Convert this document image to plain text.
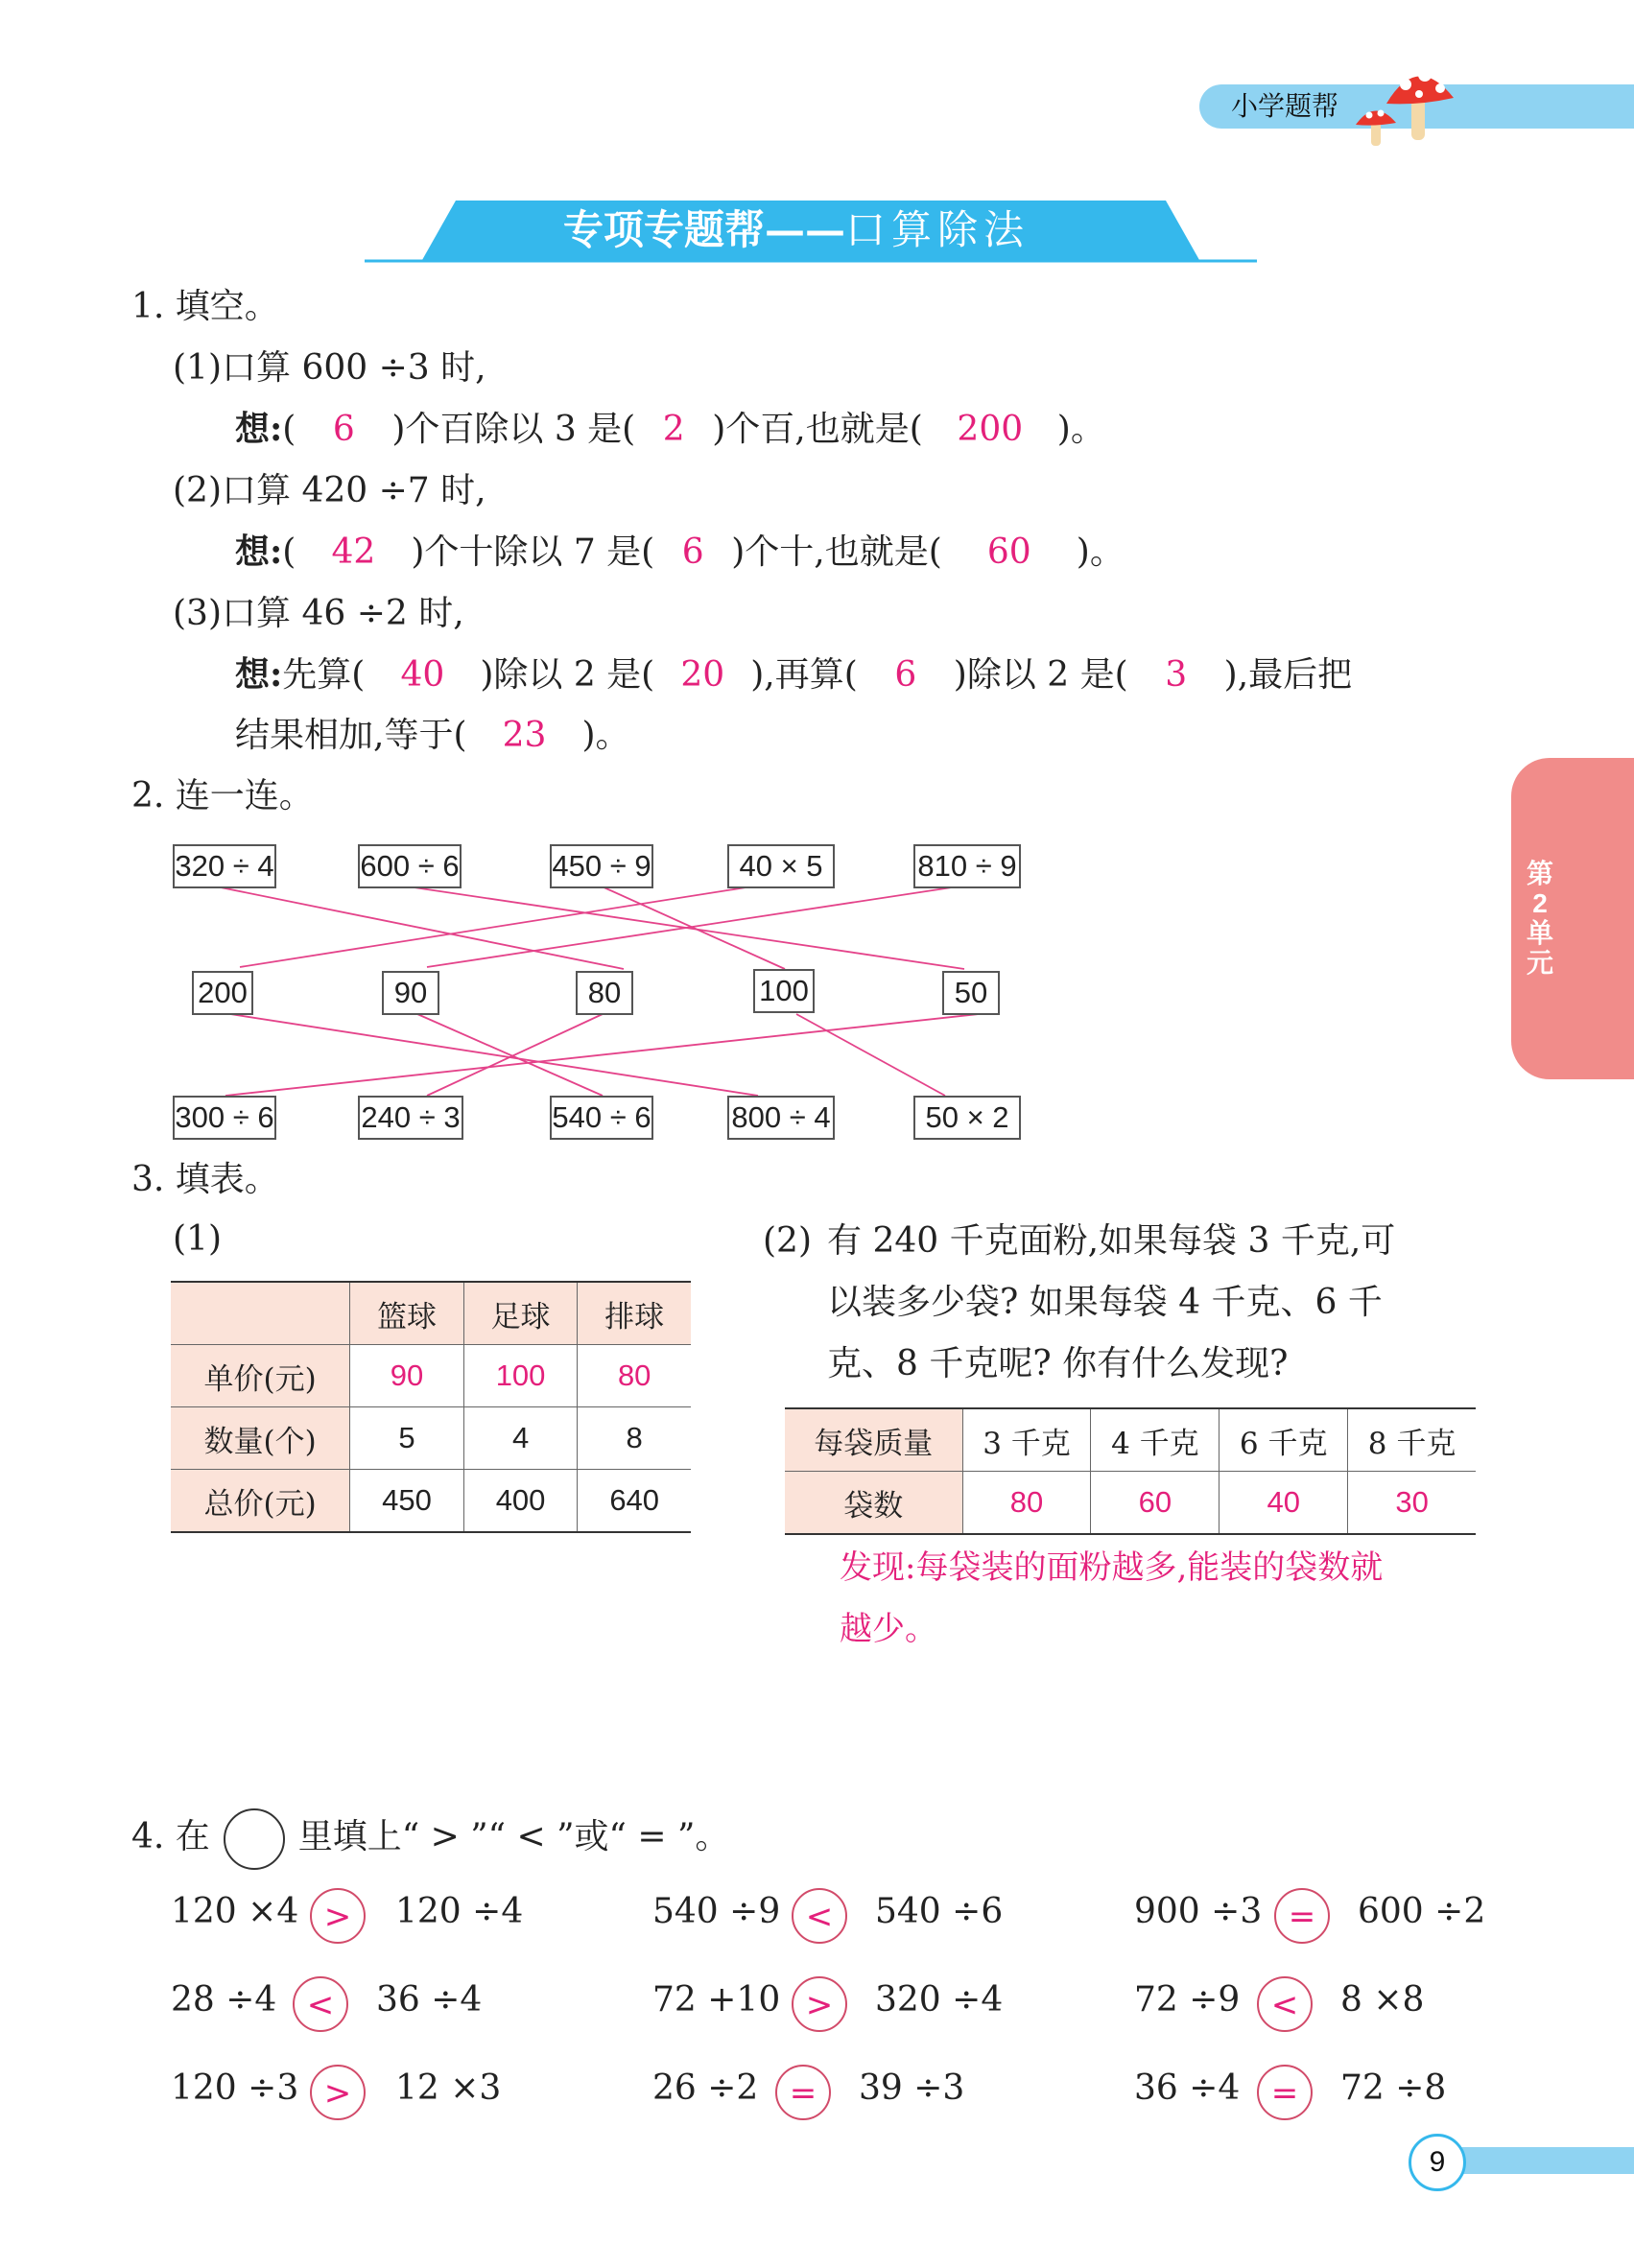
小学题帮
专项专题帮——口算除法
第
2
单
元
1. 填空。
(1)口算 600 ÷3 时,
想:( 6 )个百除以 3 是( 2 )个百,也就是( 200 )。
(2)口算 420 ÷7 时,
想:( 42 )个十除以 7 是( 6 )个十,也就是( 60 )。
(3)口算 46 ÷2 时,
想:先算( 40 )除以 2 是( 20 ),再算( 6 )除以 2 是( 3 ),最后把
结果相加,等于( 23 )。
2. 连一连。
320 ÷ 4	600 ÷ 6	450 ÷ 9	40 × 5	810 ÷ 9
200	90	80	100	50
300 ÷ 6	240 ÷ 3	540 ÷ 6	800 ÷ 4	50 × 2
3. 填表。
(1)
	篮球	足球	排球
单价(元)	90	100	80
数量(个)	5	4	8
总价(元)	450	400	640
(2) 有 240 千克面粉,如果每袋 3 千克,可
以装多少袋? 如果每袋 4 千克、6 千
克、8 千克呢? 你有什么发现?
每袋质量	3 千克	4 千克	6 千克	8 千克
袋数	80	60	40	30
发现:每袋装的面粉越多,能装的袋数就
越少。
4. 在	里填上“ > ”“ < ”或“ = ”。
120 ×4 >	120 ÷4	540 ÷9 <	540 ÷6	900 ÷3 =	600 ÷2
28 ÷4 <	36 ÷4	72 +10 >	320 ÷4	72 ÷9 <	8 ×8
120 ÷3 >	12 ×3	26 ÷2 =	39 ÷3	36 ÷4 =	72 ÷8
9
